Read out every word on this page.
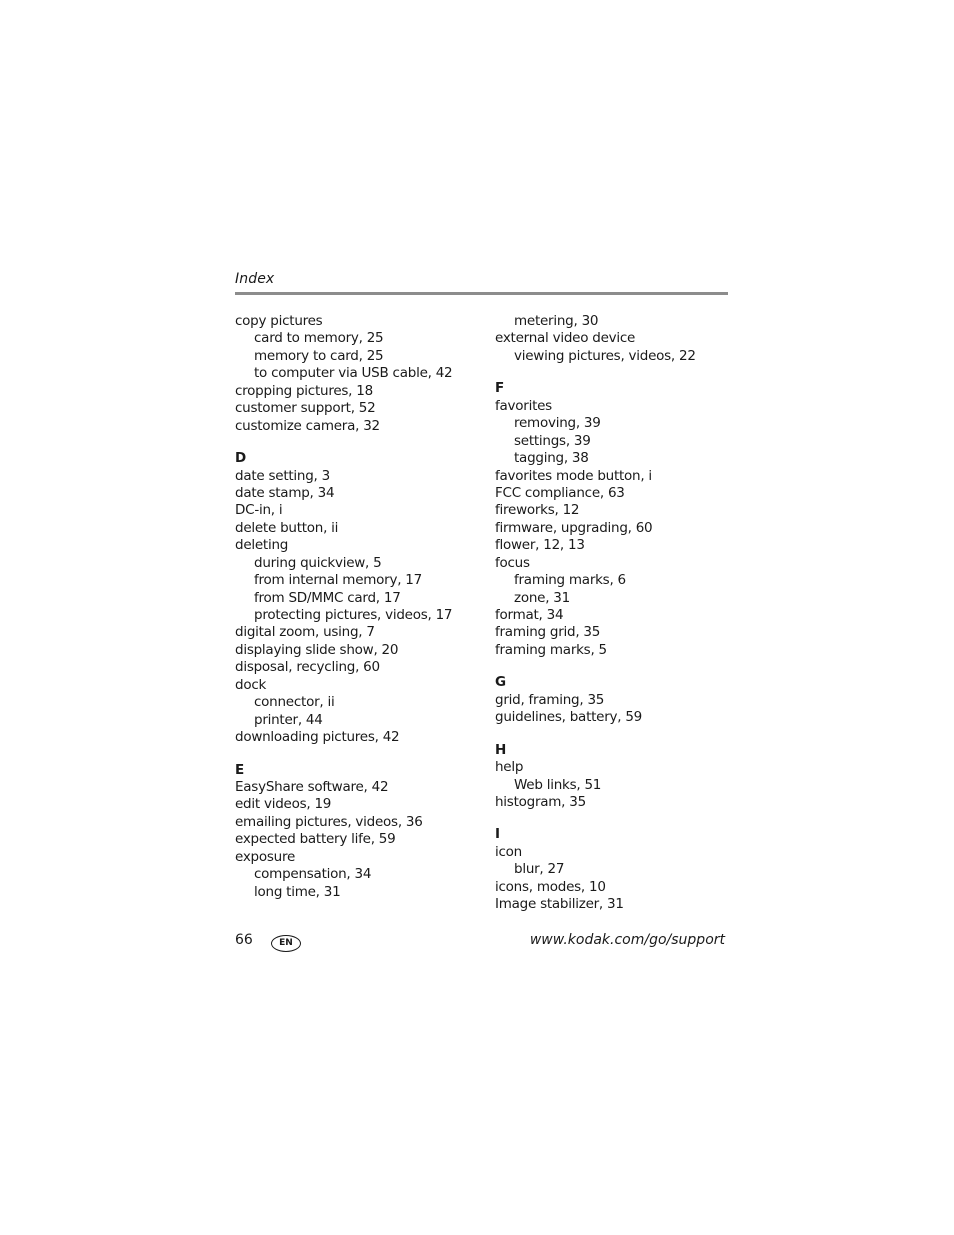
Index
copy pictures
card to memory, 25
memory to card, 25
to computer via USB cable, 42
cropping pictures, 18
customer support, 52
customize camera, 32
D
date setting, 3
date stamp, 34
DC-in, i
delete button, ii
deleting
during quickview, 5
from internal memory, 17
from SD/MMC card, 17
protecting pictures, videos, 17
digital zoom, using, 7
displaying slide show, 20
disposal, recycling, 60
dock
connector, ii
printer, 44
downloading pictures, 42
E
EasyShare software, 42
edit videos, 19
emailing pictures, videos, 36
expected battery life, 59
exposure
compensation, 34
long time, 31
metering, 30
external video device
viewing pictures, videos, 22
F
favorites
removing, 39
settings, 39
tagging, 38
favorites mode button, i
FCC compliance, 63
fireworks, 12
firmware, upgrading, 60
flower, 12, 13
focus
framing marks, 6
zone, 31
format, 34
framing grid, 35
framing marks, 5
G
grid, framing, 35
guidelines, battery, 59
H
help
Web links, 51
histogram, 35
I
icon
blur, 27
icons, modes, 10
Image stabilizer, 31
66	EN	www.kodak.com/go/support
